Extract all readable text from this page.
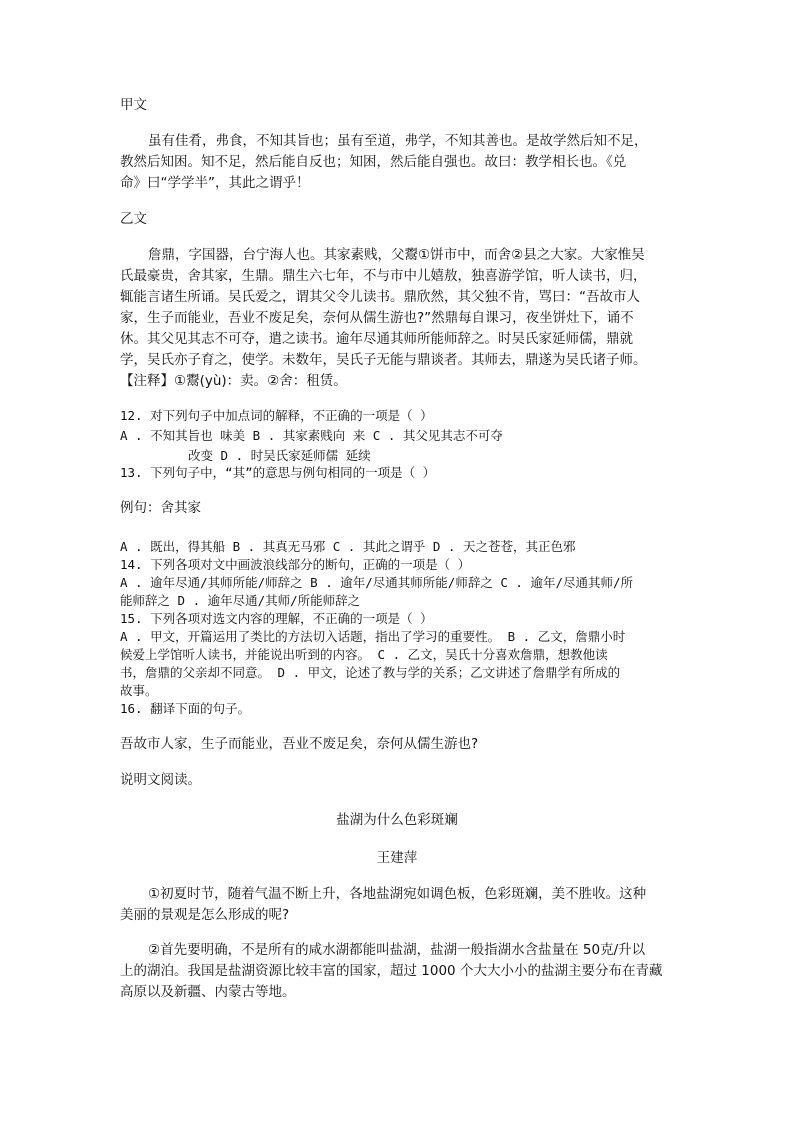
甲文
虽有佳肴，弗食，不知其旨也；虽有至道，弗学，不知其善也。是故学然后知不足，
教然后知困。知不足，然后能自反也；知困，然后能自强也。故曰：教学相长也。《兑
命》曰“学学半”，其此之谓乎！
乙文
詹鼎，字国器，台宁海人也。其家素贱，父鬻①饼市中，而舍②县之大家。大家惟吴
氏最豪贵，舍其家，生鼎。鼎生六七年，不与市中儿嬉敖，独喜游学馆，听人读书，归，
辄能言诸生所诵。吴氏爱之，谓其父令儿读书。鼎欣然，其父独不肯，骂曰：“吾故市人
家，生子而能业，吾业不废足矣，奈何从儒生游也?”然鼎每自课习，夜坐饼灶下，诵不
休。其父见其志不可夺，遣之读书。逾年尽通其师所能师辞之。时吴氏家延师儒，鼎就
学，吴氏亦子育之，使学。未数年，吴氏子无能与鼎谈者。其师去，鼎遂为吴氏诸子师。
【注释】①鬻(yù)：卖。②舍：租赁。
12. 对下列句子中加点词的解释，不正确的一项是（ ）
A . 不知其旨也 味美 B . 其家素贱向 来 C . 其父见其志不可夺
改变 D . 时吴氏家延师儒 延续
13. 下列句子中，“其”的意思与例句相同的一项是（ ）
例句：舍其家
A . 既出，得其船 B . 其真无马邪 C . 其此之谓乎 D . 天之苍苍，其正色邪
14. 下列各项对文中画波浪线部分的断句，正确的一项是（ ）
A . 逾年尽通/其师所能/师辞之 B . 逾年/尽通其师所能/师辞之 C . 逾年/尽通其师/所
能师辞之 D . 逾年尽通/其师/所能师辞之
15. 下列各项对选文内容的理解，不正确的一项是（ ）
A . 甲文，开篇运用了类比的方法切入话题，指出了学习的重要性。 B . 乙文，詹鼎小时
候爱上学馆听人读书，并能说出听到的内容。 C . 乙文，吴氏十分喜欢詹鼎，想教他读
书，詹鼎的父亲却不同意。 D . 甲文，论述了教与学的关系；乙文讲述了詹鼎学有所成的
故事。
16. 翻译下面的句子。
吾故市人家，生子而能业，吾业不废足矣，奈何从儒生游也?
说明文阅读。
盐湖为什么色彩斑斓
王建萍
①初夏时节，随着气温不断上升，各地盐湖宛如调色板，色彩斑斓，美不胜收。这种
美丽的景观是怎么形成的呢?
②首先要明确，不是所有的咸水湖都能叫盐湖，盐湖一般指湖水含盐量在 50克/升以
上的湖泊。我国是盐湖资源比较丰富的国家，超过 1000 个大大小小的盐湖主要分布在青藏
高原以及新疆、内蒙古等地。
